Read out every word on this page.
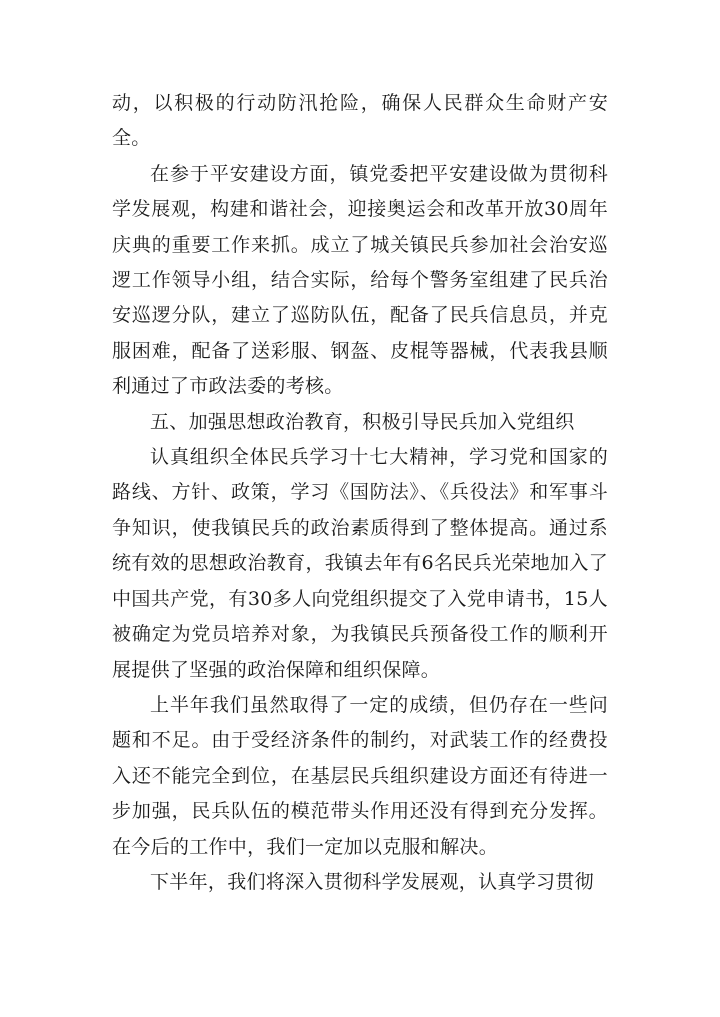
动，以积极的行动防汛抢险，确保人民群众生命财产安全。

在参于平安建设方面，镇党委把平安建设做为贯彻科学发展观，构建和谐社会，迎接奥运会和改革开放30周年庆典的重要工作来抓。成立了城关镇民兵参加社会治安巡逻工作领导小组，结合实际，给每个警务室组建了民兵治安巡逻分队，建立了巡防队伍，配备了民兵信息员，并克服困难，配备了送彩服、钢盔、皮棍等器械，代表我县顺利通过了市政法委的考核。

五、加强思想政治教育，积极引导民兵加入党组织

认真组织全体民兵学习十七大精神，学习党和国家的路线、方针、政策，学习《国防法》、《兵役法》和军事斗争知识，使我镇民兵的政治素质得到了整体提高。通过系统有效的思想政治教育，我镇去年有6名民兵光荣地加入了中国共产党，有30多人向党组织提交了入党申请书，15人被确定为党员培养对象，为我镇民兵预备役工作的顺利开展提供了坚强的政治保障和组织保障。

上半年我们虽然取得了一定的成绩，但仍存在一些问题和不足。由于受经济条件的制约，对武装工作的经费投入还不能完全到位，在基层民兵组织建设方面还有待进一步加强，民兵队伍的模范带头作用还没有得到充分发挥。在今后的工作中，我们一定加以克服和解决。

下半年，我们将深入贯彻科学发展观，认真学习贯彻
